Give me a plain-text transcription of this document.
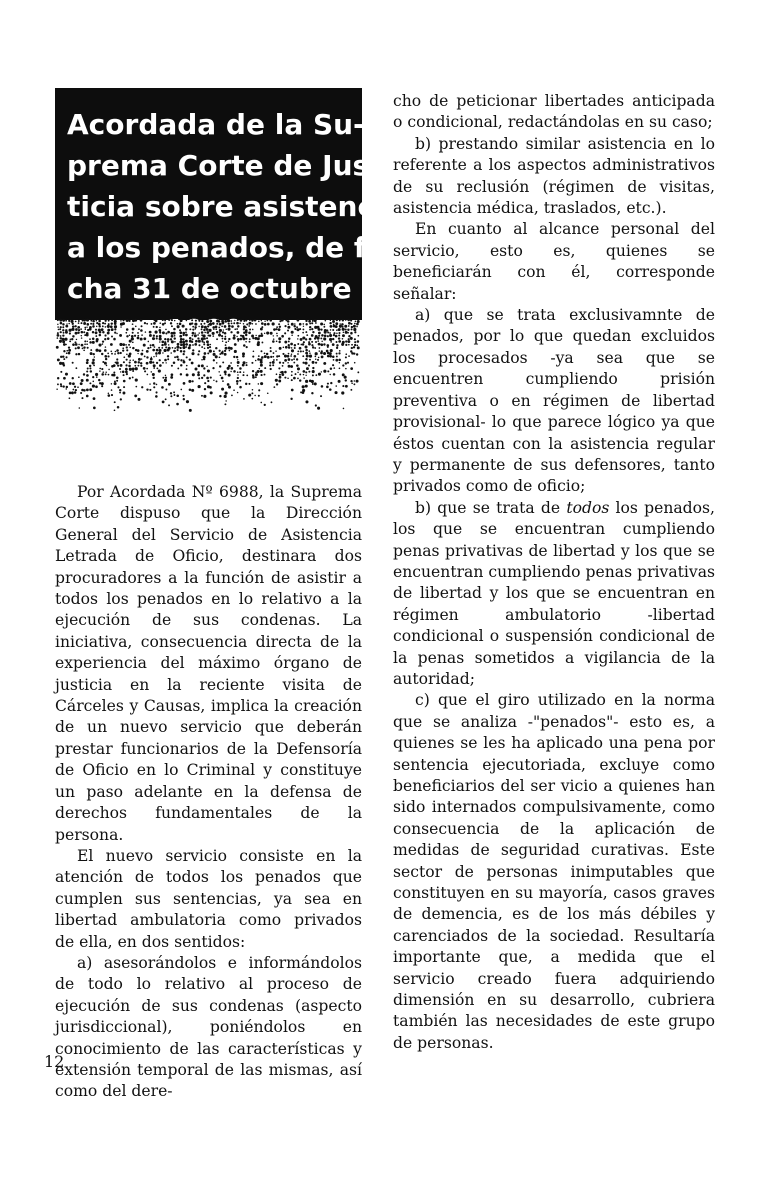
Acordada de la Su-
prema Corte de Jus-
ticia sobre asistencia
a los penados, de fe-
cha 31 de octubre de

Por Acordada Nº 6988, la Suprema Corte dispuso que la Dirección General del Servicio de Asistencia Letrada de Oficio, destinara dos procuradores a la función de asistir a todos los penados en lo relativo a la ejecución de sus condenas. La iniciativa, consecuencia directa de la experiencia del máximo órgano de justicia en la reciente visita de Cárceles y Causas, implica la creación de un nuevo servicio que deberán prestar funcionarios de la Defensoría de Oficio en lo Criminal y constituye un paso adelante en la defensa de derechos fundamentales de la persona.

El nuevo servicio consiste en la atención de todos los penados que cumplen sus sentencias, ya sea en libertad ambulatoria como privados de ella, en dos sentidos:

a) asesorándolos e informándolos de todo lo relativo al proceso de ejecución de sus condenas (aspecto jurisdiccional), poniéndolos en conocimiento de las características y extensión temporal de las mismas, así como del dere-

cho de peticionar libertades anticipada o condicional, redactándolas en su caso;

b) prestando similar asistencia en lo referente a los aspectos administrativos de su reclusión (régimen de visitas, asistencia médica, traslados, etc.).

En cuanto al alcance personal del servicio, esto es, quienes se beneficiarán con él, corresponde señalar:

a) que se trata exclusivamnte de penados, por lo que quedan excluidos los procesados -ya sea que se encuentren cumpliendo prisión preventiva o en régimen de libertad provisional- lo que parece lógico ya que éstos cuentan con la asistencia regular y permanente de sus defensores, tanto privados como de oficio;

b) que se trata de todos los penados, los que se encuentran cumpliendo penas privativas de libertad y los que se encuentran cumpliendo penas privativas de libertad y los que se encuentran en régimen ambulatorio -libertad condicional o suspensión condicional de la penas sometidos a vigilancia de la autoridad;

c) que el giro utilizado en la norma que se analiza -"penados"- esto es, a quienes se les ha aplicado una pena por sentencia ejecutoriada, excluye como beneficiarios del ser vicio a quienes han sido internados compulsivamente, como consecuencia de la aplicación de medidas de seguridad curativas. Este sector de personas inimputables que constituyen en su mayoría, casos graves de demencia, es de los más débiles y carenciados de la sociedad. Resultaría importante que, a medida que el servicio creado fuera adquiriendo dimensión en su desarrollo, cubriera también las necesidades de este grupo de personas.

12
